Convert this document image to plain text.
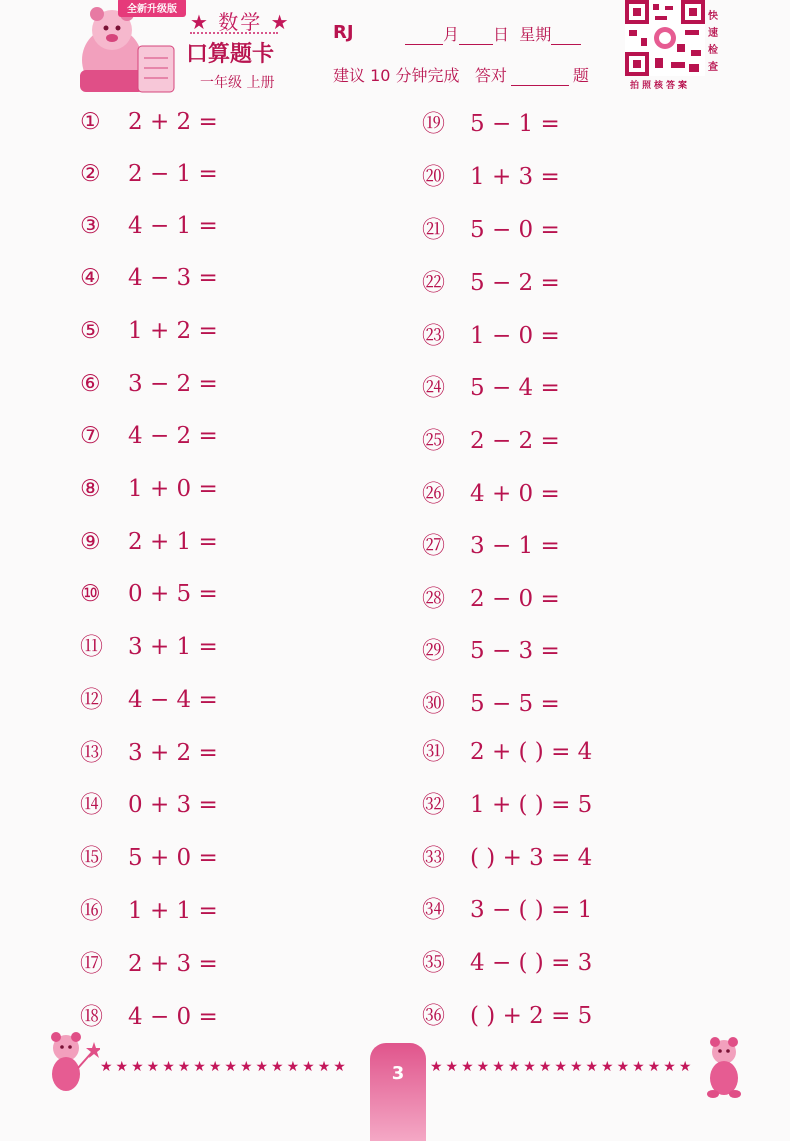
全新升级版
★ 数学 ★
口算题卡
一年级 上册
RJ	月 日 星期
建议 10 分钟完成 答对	题
快
速
检
查
拍照核答案
① 2 + 2 =
② 2 − 1 =
③ 4 − 1 =
④ 4 − 3 =
⑤ 1 + 2 =
⑥ 3 − 2 =
⑦ 4 − 2 =
⑧ 1 + 0 =
⑨ 2 + 1 =
⑩ 0 + 5 =
⑪ 3 + 1 =
⑫ 4 − 4 =
⑬ 3 + 2 =
⑭ 0 + 3 =
⑮ 5 + 0 =
⑯ 1 + 1 =
⑰ 2 + 3 =
⑱ 4 − 0 =
⑲ 5 − 1 =
⑳ 1 + 3 =
㉑ 5 − 0 =
㉒ 5 − 2 =
㉓ 1 − 0 =
㉔ 5 − 4 =
㉕ 2 − 2 =
㉖ 4 + 0 =
㉗ 3 − 1 =
㉘ 2 − 0 =
㉙ 5 − 3 =
㉚ 5 − 5 =
㉛ 2 + ( ) = 4
㉜ 1 + ( ) = 5
㉝ ( ) + 3 = 4
㉞ 3 − ( ) = 1
㉟ 4 − ( ) = 3
㊱ ( ) + 2 = 5
★★★★★★★★★★★★★★★★	3	★★★★★★★★★★★★★★★★★
